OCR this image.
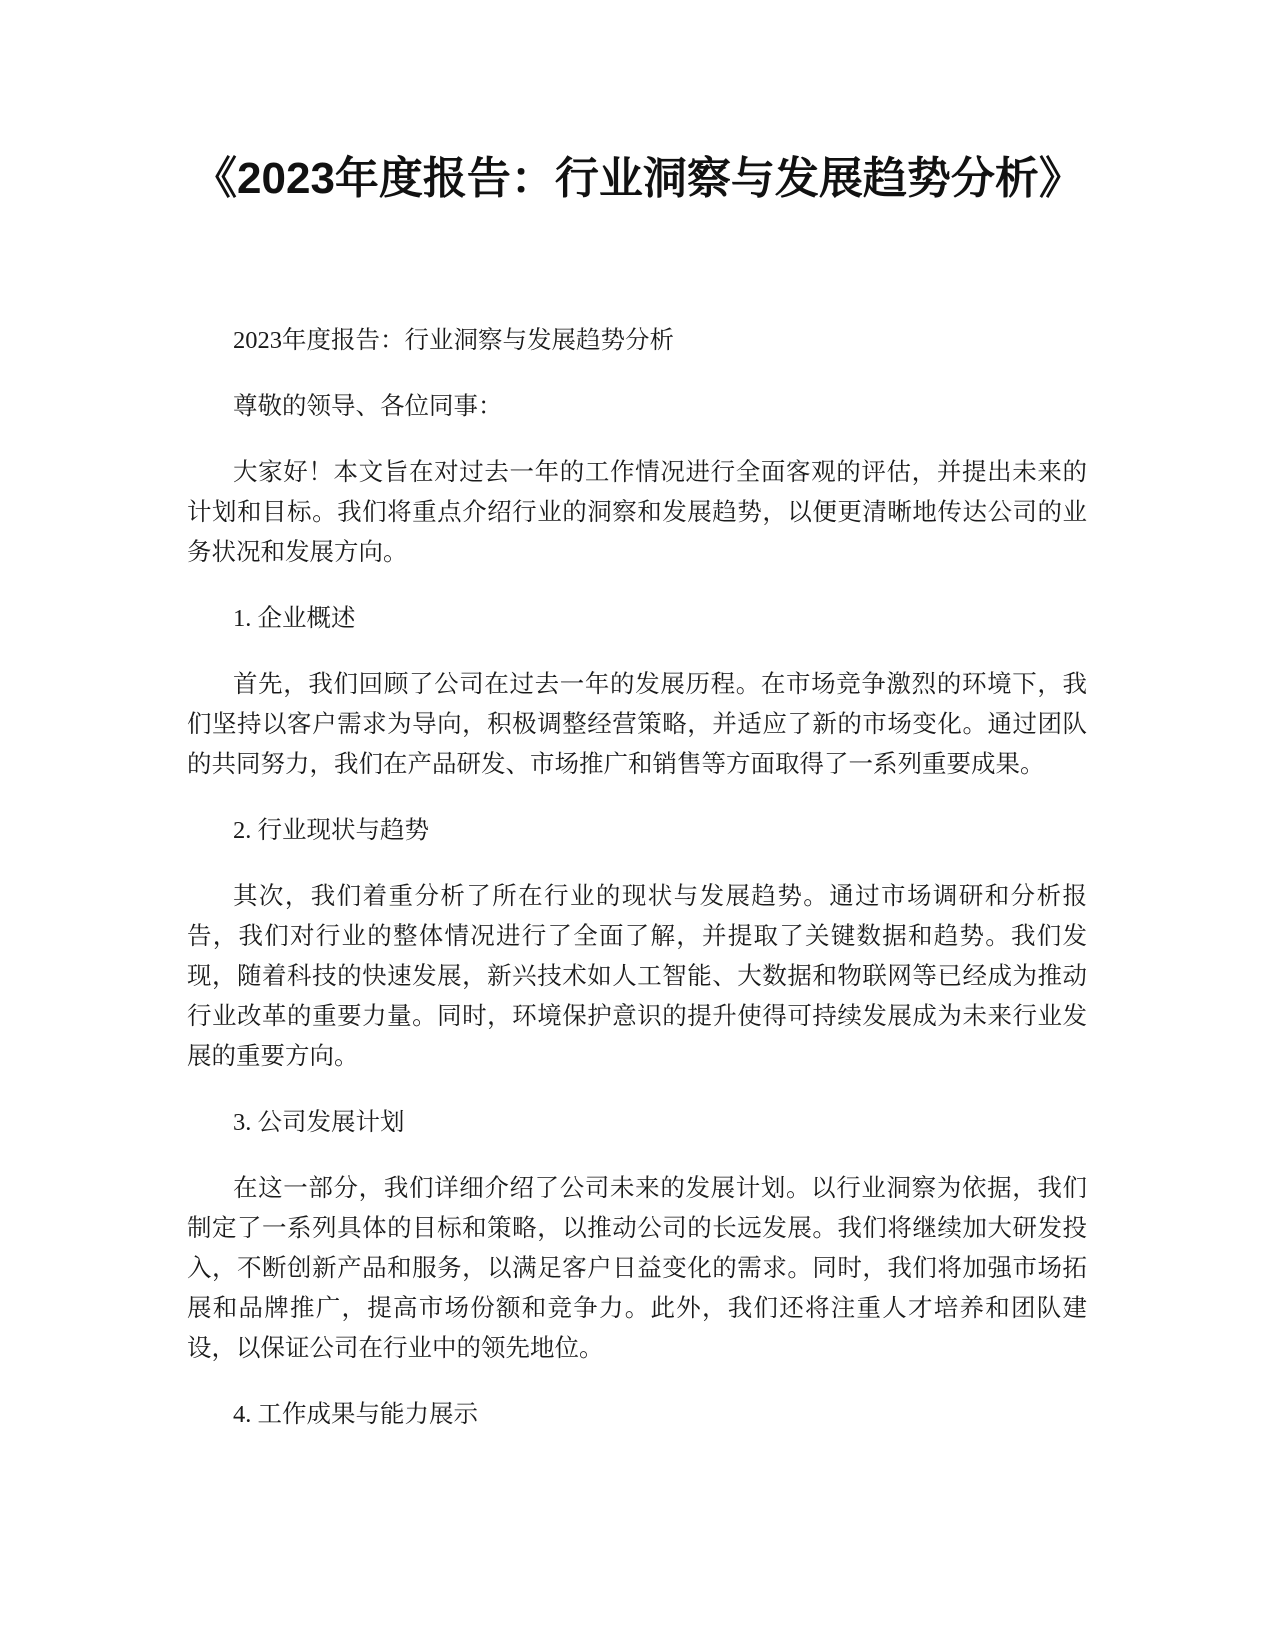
《2023年度报告：行业洞察与发展趋势分析》

2023年度报告：行业洞察与发展趋势分析

尊敬的领导、各位同事：

大家好！本文旨在对过去一年的工作情况进行全面客观的评估，并提出未来的计划和目标。我们将重点介绍行业的洞察和发展趋势，以便更清晰地传达公司的业务状况和发展方向。

1. 企业概述

首先，我们回顾了公司在过去一年的发展历程。在市场竞争激烈的环境下，我们坚持以客户需求为导向，积极调整经营策略，并适应了新的市场变化。通过团队的共同努力，我们在产品研发、市场推广和销售等方面取得了一系列重要成果。

2. 行业现状与趋势

其次，我们着重分析了所在行业的现状与发展趋势。通过市场调研和分析报告，我们对行业的整体情况进行了全面了解，并提取了关键数据和趋势。我们发现，随着科技的快速发展，新兴技术如人工智能、大数据和物联网等已经成为推动行业改革的重要力量。同时，环境保护意识的提升使得可持续发展成为未来行业发展的重要方向。

3. 公司发展计划

在这一部分，我们详细介绍了公司未来的发展计划。以行业洞察为依据，我们制定了一系列具体的目标和策略，以推动公司的长远发展。我们将继续加大研发投入，不断创新产品和服务，以满足客户日益变化的需求。同时，我们将加强市场拓展和品牌推广，提高市场份额和竞争力。此外，我们还将注重人才培养和团队建设，以保证公司在行业中的领先地位。

4. 工作成果与能力展示
